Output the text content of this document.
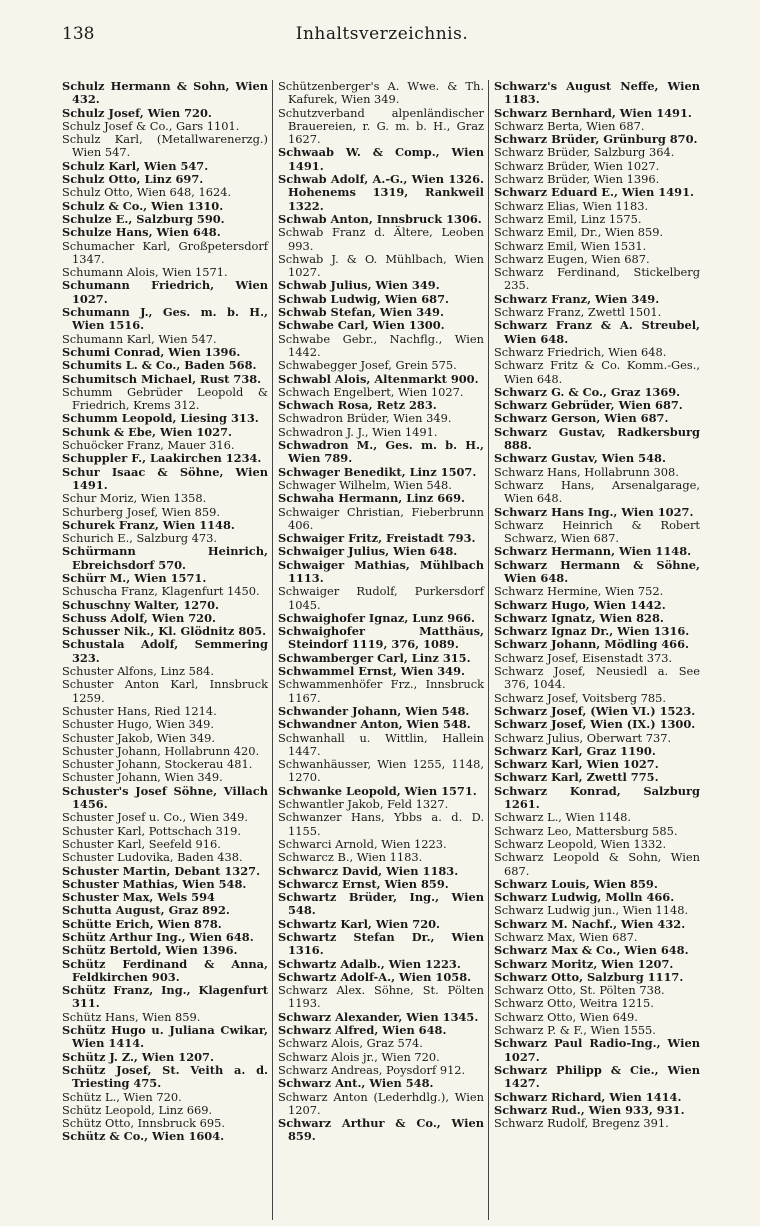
138	Inhaltsverzeichnis.
Schulz Hermann & Sohn, Wien 432.
Schulz Josef, Wien 720.
Schulz Josef & Co., Gars 1101.
Schulz Karl, (Metallwarenerzg.) Wien 547.
Schulz Karl, Wien 547.
Schulz Otto, Linz 697.
Schulz Otto, Wien 648, 1624.
Schulz & Co., Wien 1310.
Schulze E., Salzburg 590.
Schulze Hans, Wien 648.
Schumacher Karl, Großpetersdorf 1347.
Schumann Alois, Wien 1571.
Schumann Friedrich, Wien 1027.
Schumann J., Ges. m. b. H., Wien 1516.
Schumann Karl, Wien 547.
Schumi Conrad, Wien 1396.
Schumits L. & Co., Baden 568.
Schumitsch Michael, Rust 738.
Schumm Gebrüder Leopold & Friedrich, Krems 312.
Schumm Leopold, Liesing 313.
Schunk & Ebe, Wien 1027.
Schuöcker Franz, Mauer 316.
Schuppler F., Laakirchen 1234.
Schur Isaac & Söhne, Wien 1491.
Schur Moriz, Wien 1358.
Schurberg Josef, Wien 859.
Schurek Franz, Wien 1148.
Schurich E., Salzburg 473.
Schürmann Heinrich, Ebreichsdorf 570.
Schürr M., Wien 1571.
Schuscha Franz, Klagenfurt 1450.
Schuschny Walter, 1270.
Schuss Adolf, Wien 720.
Schusser Nik., Kl. Glödnitz 805.
Schustala Adolf, Semmering 323.
Schuster Alfons, Linz 584.
Schuster Anton Karl, Innsbruck 1259.
Schuster Hans, Ried 1214.
Schuster Hugo, Wien 349.
Schuster Jakob, Wien 349.
Schuster Johann, Hollabrunn 420.
Schuster Johann, Stockerau 481.
Schuster Johann, Wien 349.
Schuster's Josef Söhne, Villach 1456.
Schuster Josef u. Co., Wien 349.
Schuster Karl, Pottschach 319.
Schuster Karl, Seefeld 916.
Schuster Ludovika, Baden 438.
Schuster Martin, Debant 1327.
Schuster Mathias, Wien 548.
Schuster Max, Wels 594
Schutta August, Graz 892.
Schütte Erich, Wien 878.
Schütz Arthur Ing., Wien 648.
Schütz Bertold, Wien 1396.
Schütz Ferdinand & Anna, Feldkirchen 903.
Schütz Franz, Ing., Klagenfurt 311.
Schütz Hans, Wien 859.
Schütz Hugo u. Juliana Cwikar, Wien 1414.
Schütz J. Z., Wien 1207.
Schütz Josef, St. Veith a. d. Triesting 475.
Schütz L., Wien 720.
Schütz Leopold, Linz 669.
Schütz Otto, Innsbruck 695.
Schütz & Co., Wien 1604.
Schützenberger's A. Wwe. & Th. Kafurek, Wien 349.
Schutzverband alpenländischer Brauereien, r. G. m. b. H., Graz 1627.
Schwaab W. & Comp., Wien 1491.
Schwab Adolf, A.-G., Wien 1326. Hohenems 1319, Rankweil 1322.
Schwab Anton, Innsbruck 1306.
Schwab Franz d. Ältere, Leoben 993.
Schwab J. & O. Mühlbach, Wien 1027.
Schwab Julius, Wien 349.
Schwab Ludwig, Wien 687.
Schwab Stefan, Wien 349.
Schwabe Carl, Wien 1300.
Schwabe Gebr., Nachflg., Wien 1442.
Schwabegger Josef, Grein 575.
Schwabl Alois, Altenmarkt 900.
Schwach Engelbert, Wien 1027.
Schwach Rosa, Retz 283.
Schwadron Brüder, Wien 349.
Schwadron J. J., Wien 1491.
Schwadron M., Ges. m. b. H., Wien 789.
Schwager Benedikt, Linz 1507.
Schwager Wilhelm, Wien 548.
Schwaha Hermann, Linz 669.
Schwaiger Christian, Fieberbrunn 406.
Schwaiger Fritz, Freistadt 793.
Schwaiger Julius, Wien 648.
Schwaiger Mathias, Mühlbach 1113.
Schwaiger Rudolf, Purkersdorf 1045.
Schwaighofer Ignaz, Lunz 966.
Schwaighofer Matthäus, Steindorf 1119, 376, 1089.
Schwamberger Carl, Linz 315.
Schwammel Ernst, Wien 349.
Schwammenhöfer Frz., Innsbruck 1167.
Schwander Johann, Wien 548.
Schwandner Anton, Wien 548.
Schwanhall u. Wittlin, Hallein 1447.
Schwanhäusser, Wien 1255, 1148, 1270.
Schwanke Leopold, Wien 1571.
Schwantler Jakob, Feld 1327.
Schwanzer Hans, Ybbs a. d. D. 1155.
Schwarci Arnold, Wien 1223.
Schwarcz B., Wien 1183.
Schwarcz David, Wien 1183.
Schwarcz Ernst, Wien 859.
Schwartz Brüder, Ing., Wien 548.
Schwartz Karl, Wien 720.
Schwartz Stefan Dr., Wien 1316.
Schwartz Adalb., Wien 1223.
Schwartz Adolf-A., Wien 1058.
Schwarz Alex. Söhne, St. Pölten 1193.
Schwarz Alexander, Wien 1345.
Schwarz Alfred, Wien 648.
Schwarz Alois, Graz 574.
Schwarz Alois jr., Wien 720.
Schwarz Andreas, Poysdorf 912.
Schwarz Ant., Wien 548.
Schwarz Anton (Lederhdlg.), Wien 1207.
Schwarz Arthur & Co., Wien 859.
Schwarz's August Neffe, Wien 1183.
Schwarz Bernhard, Wien 1491.
Schwarz Berta, Wien 687.
Schwarz Brüder, Grünburg 870.
Schwarz Brüder, Salzburg 364.
Schwarz Brüder, Wien 1027.
Schwarz Brüder, Wien 1396.
Schwarz Eduard E., Wien 1491.
Schwarz Elias, Wien 1183.
Schwarz Emil, Linz 1575.
Schwarz Emil, Dr., Wien 859.
Schwarz Emil, Wien 1531.
Schwarz Eugen, Wien 687.
Schwarz Ferdinand, Stickelberg 235.
Schwarz Franz, Wien 349.
Schwarz Franz, Zwettl 1501.
Schwarz Franz & A. Streubel, Wien 648.
Schwarz Friedrich, Wien 648.
Schwarz Fritz & Co. Komm.-Ges., Wien 648.
Schwarz G. & Co., Graz 1369.
Schwarz Gebrüder, Wien 687.
Schwarz Gerson, Wien 687.
Schwarz Gustav, Radkersburg 888.
Schwarz Gustav, Wien 548.
Schwarz Hans, Hollabrunn 308.
Schwarz Hans, Arsenalgarage, Wien 648.
Schwarz Hans Ing., Wien 1027.
Schwarz Heinrich & Robert Schwarz, Wien 687.
Schwarz Hermann, Wien 1148.
Schwarz Hermann & Söhne, Wien 648.
Schwarz Hermine, Wien 752.
Schwarz Hugo, Wien 1442.
Schwarz Ignatz, Wien 828.
Schwarz Ignaz Dr., Wien 1316.
Schwarz Johann, Mödling 466.
Schwarz Josef, Eisenstadt 373.
Schwarz Josef, Neusiedl a. See 376, 1044.
Schwarz Josef, Voitsberg 785.
Schwarz Josef, (Wien VI.) 1523.
Schwarz Josef, Wien (IX.) 1300.
Schwarz Julius, Oberwart 737.
Schwarz Karl, Graz 1190.
Schwarz Karl, Wien 1027.
Schwarz Karl, Zwettl 775.
Schwarz Konrad, Salzburg 1261.
Schwarz L., Wien 1148.
Schwarz Leo, Mattersburg 585.
Schwarz Leopold, Wien 1332.
Schwarz Leopold & Sohn, Wien 687.
Schwarz Louis, Wien 859.
Schwarz Ludwig, Molln 466.
Schwarz Ludwig jun., Wien 1148.
Schwarz M. Nachf., Wien 432.
Schwarz Max, Wien 687.
Schwarz Max & Co., Wien 648.
Schwarz Moritz, Wien 1207.
Schwarz Otto, Salzburg 1117.
Schwarz Otto, St. Pölten 738.
Schwarz Otto, Weitra 1215.
Schwarz Otto, Wien 649.
Schwarz P. & F., Wien 1555.
Schwarz Paul Radio-Ing., Wien 1027.
Schwarz Philipp & Cie., Wien 1427.
Schwarz Richard, Wien 1414.
Schwarz Rud., Wien 933, 931.
Schwarz Rudolf, Bregenz 391.
